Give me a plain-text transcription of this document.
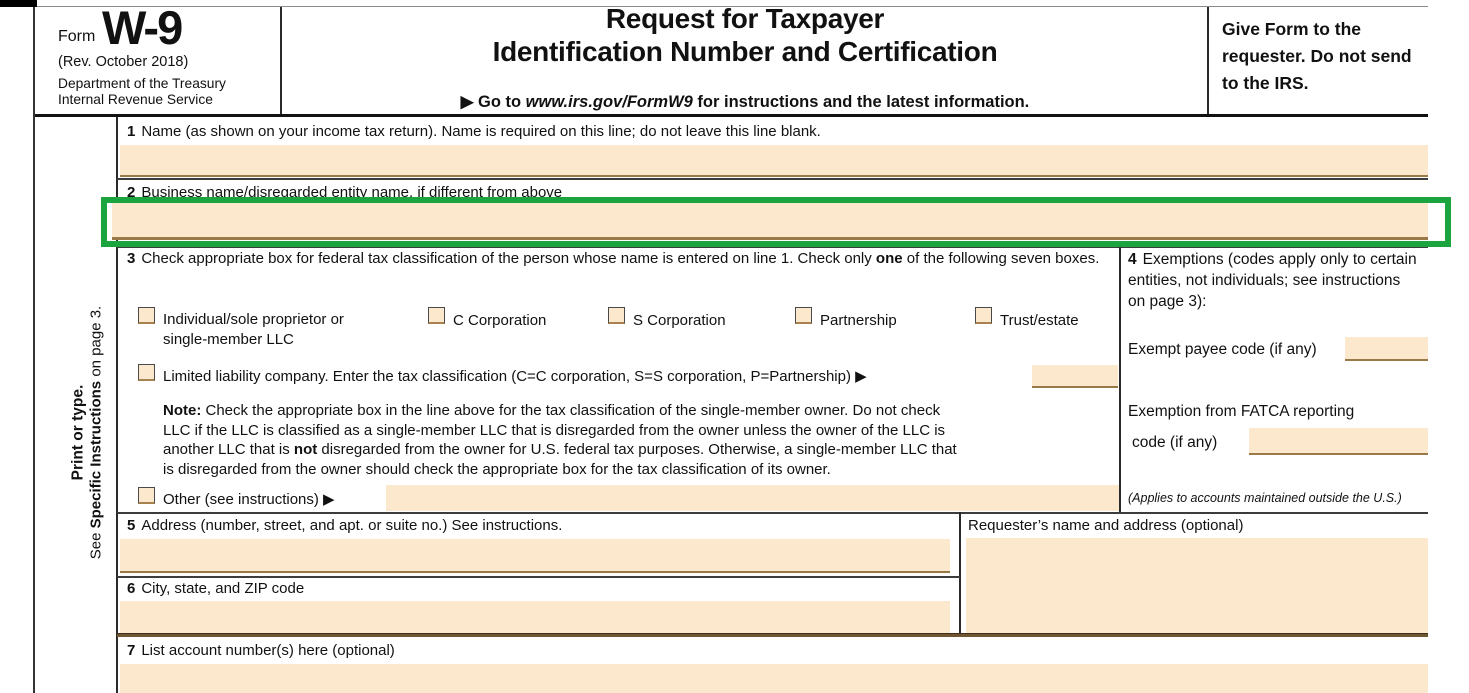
Form W-9
(Rev. October 2018)
Department of the Treasury
Internal Revenue Service
Request for Taxpayer
Identification Number and Certification
▶ Go to www.irs.gov/FormW9 for instructions and the latest information.
Give Form to the requester. Do not send to the IRS.
Print or type.
See Specific Instructions on page 3.
1 Name (as shown on your income tax return). Name is required on this line; do not leave this line blank.
2 Business name/disregarded entity name, if different from above
3 Check appropriate box for federal tax classification of the person whose name is entered on line 1. Check only one of the following seven boxes.
Individual/sole proprietor or single-member LLC
C Corporation	S Corporation	Partnership	Trust/estate
Limited liability company. Enter the tax classification (C=C corporation, S=S corporation, P=Partnership) ▶
Note: Check the appropriate box in the line above for the tax classification of the single-member owner. Do not check
LLC if the LLC is classified as a single-member LLC that is disregarded from the owner unless the owner of the LLC is
another LLC that is not disregarded from the owner for U.S. federal tax purposes. Otherwise, a single-member LLC that
is disregarded from the owner should check the appropriate box for the tax classification of its owner.
Other (see instructions) ▶
4 Exemptions (codes apply only to certain entities, not individuals; see instructions on page 3):
Exempt payee code (if any)
Exemption from FATCA reporting
code (if any)
(Applies to accounts maintained outside the U.S.)
5 Address (number, street, and apt. or suite no.) See instructions.	Requester’s name and address (optional)
6 City, state, and ZIP code
7 List account number(s) here (optional)
